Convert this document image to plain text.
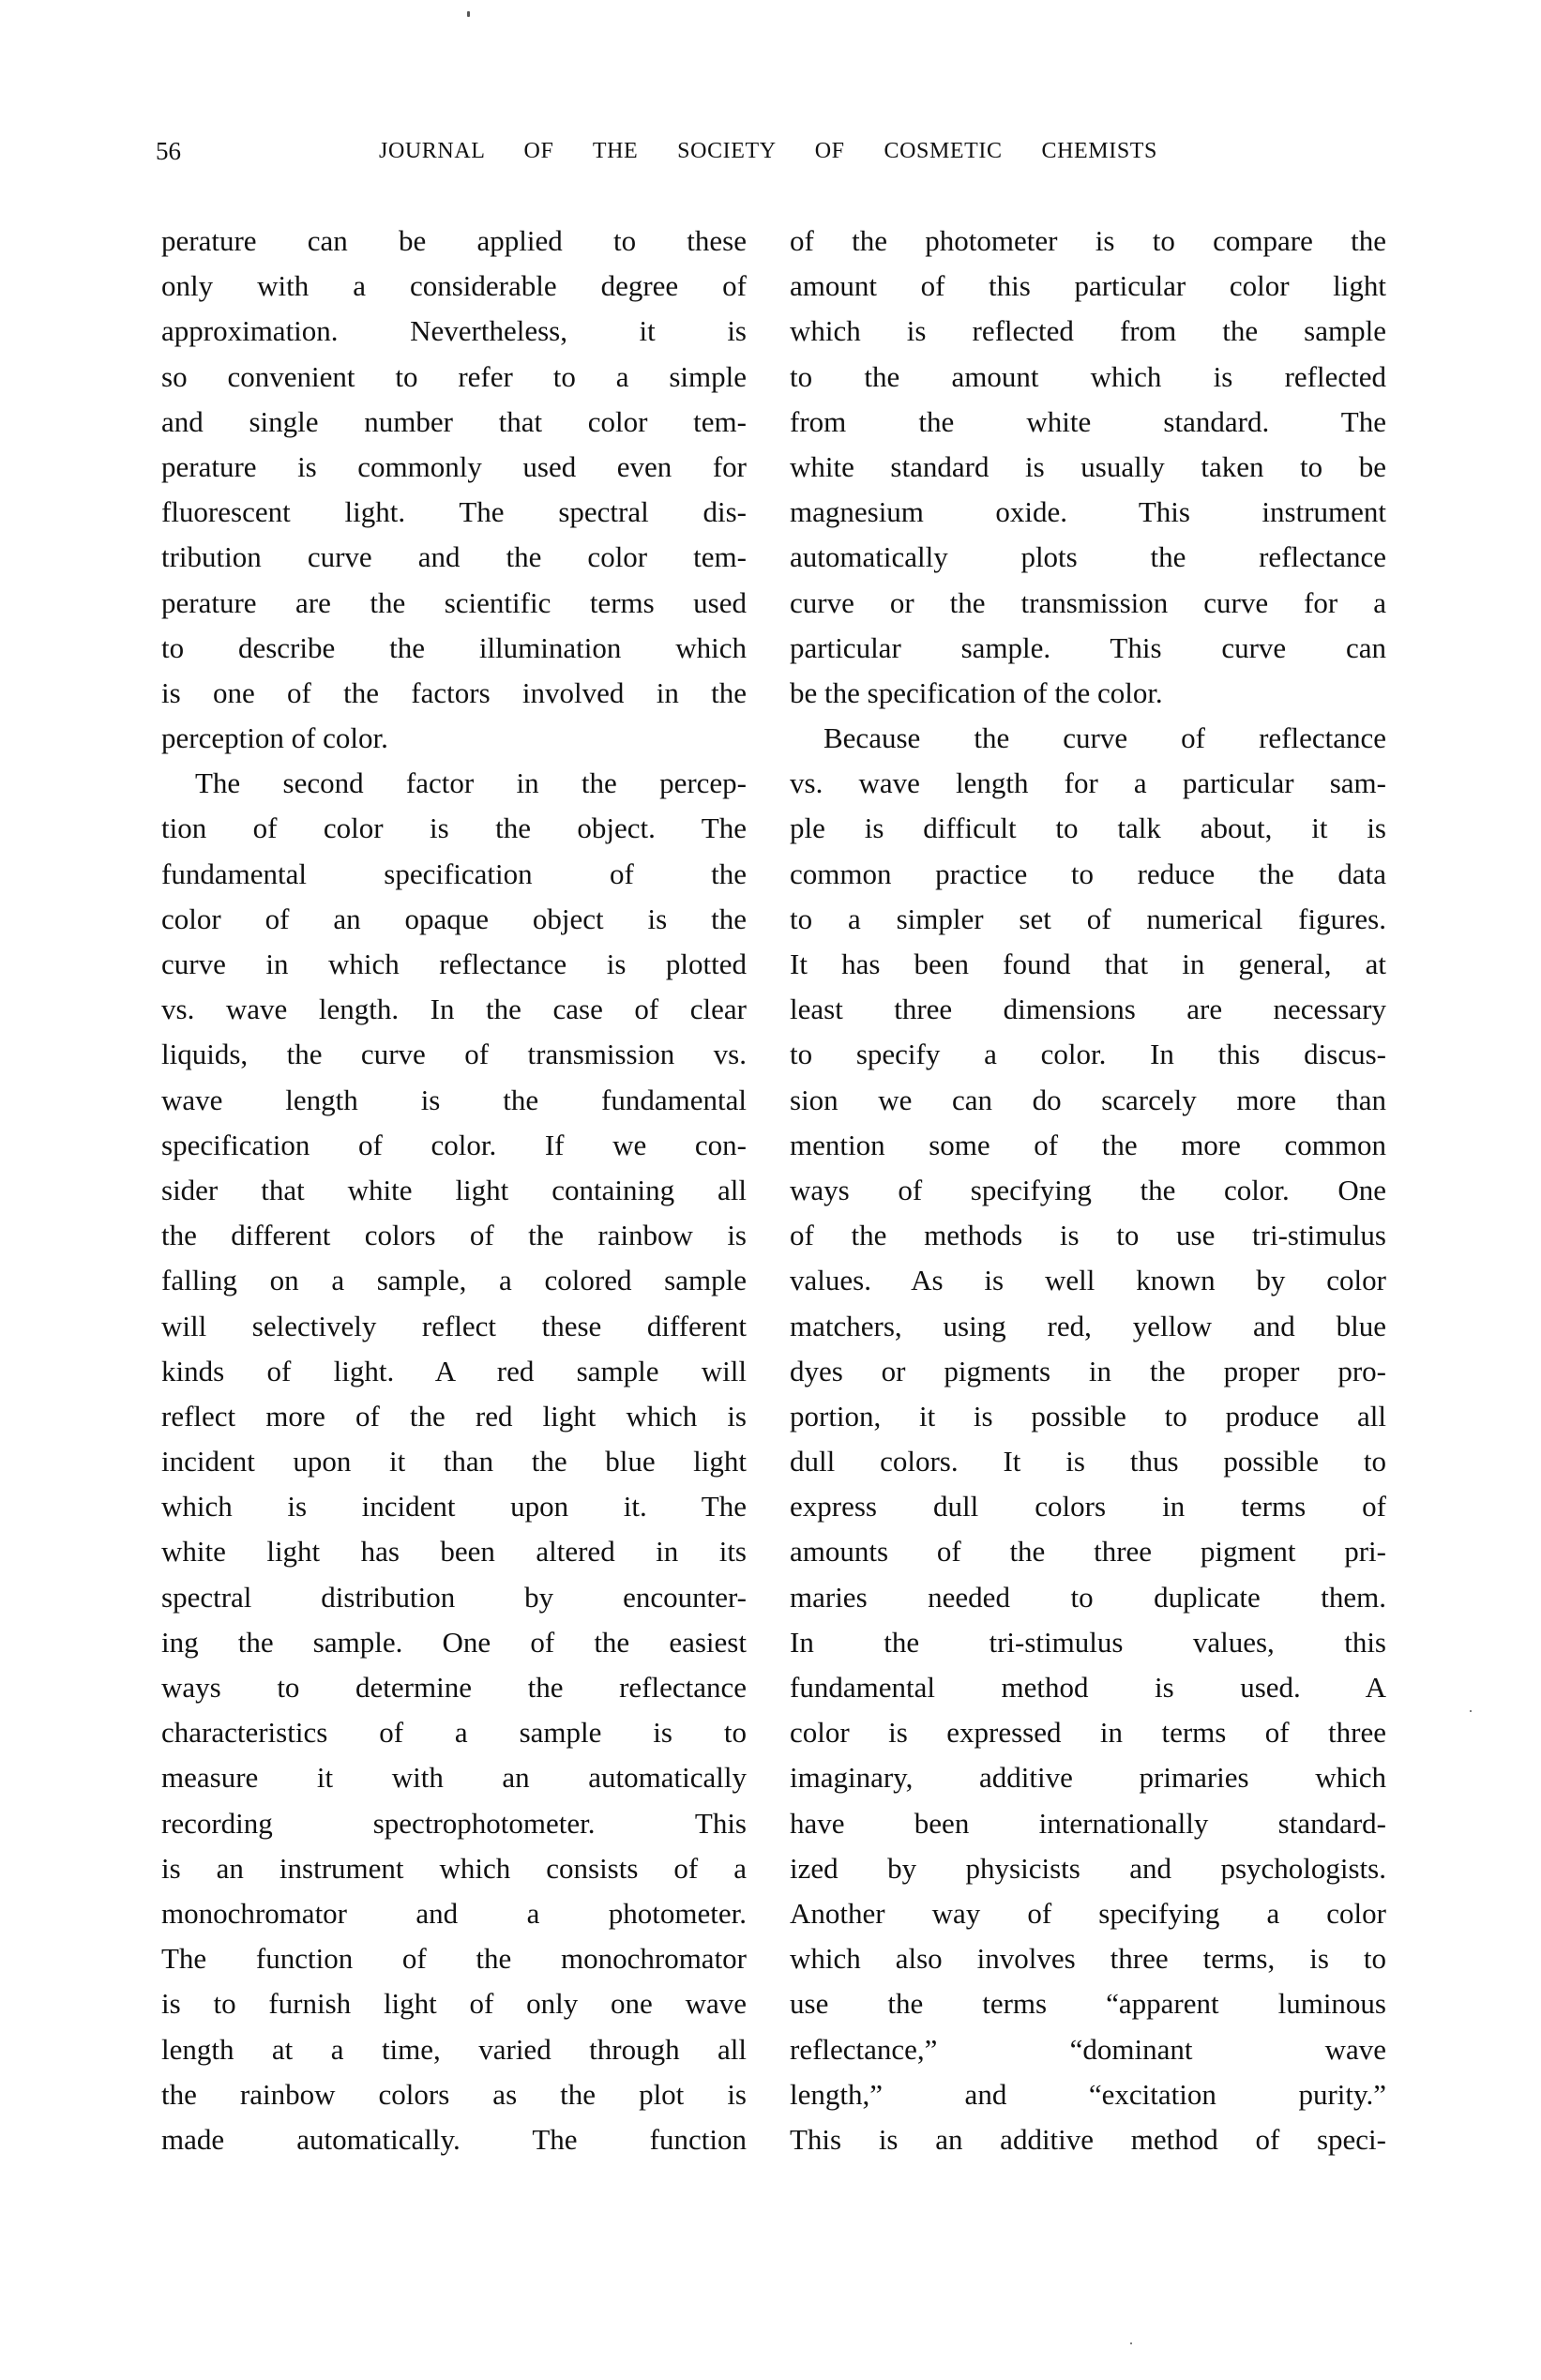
56	JOURNAL OF THE SOCIETY OF COSMETIC CHEMISTS
perature can be applied to these
only with a considerable degree of
approximation. Nevertheless, it is
so convenient to refer to a simple
and single number that color tem-
perature is commonly used even for
fluorescent light. The spectral dis-
tribution curve and the color tem-
perature are the scientific terms used
to describe the illumination which
is one of the factors involved in the
perception of color.
The second factor in the percep-
tion of color is the object. The
fundamental specification of the
color of an opaque object is the
curve in which reflectance is plotted
vs. wave length. In the case of clear
liquids, the curve of transmission vs.
wave length is the fundamental
specification of color. If we con-
sider that white light containing all
the different colors of the rainbow is
falling on a sample, a colored sample
will selectively reflect these different
kinds of light. A red sample will
reflect more of the red light which is
incident upon it than the blue light
which is incident upon it. The
white light has been altered in its
spectral distribution by encounter-
ing the sample. One of the easiest
ways to determine the reflectance
characteristics of a sample is to
measure it with an automatically
recording spectrophotometer. This
is an instrument which consists of a
monochromator and a photometer.
The function of the monochromator
is to furnish light of only one wave
length at a time, varied through all
the rainbow colors as the plot is
made automatically. The function
of the photometer is to compare the
amount of this particular color light
which is reflected from the sample
to the amount which is reflected
from the white standard. The
white standard is usually taken to be
magnesium oxide. This instrument
automatically plots the reflectance
curve or the transmission curve for a
particular sample. This curve can
be the specification of the color.
Because the curve of reflectance
vs. wave length for a particular sam-
ple is difficult to talk about, it is
common practice to reduce the data
to a simpler set of numerical figures.
It has been found that in general, at
least three dimensions are necessary
to specify a color. In this discus-
sion we can do scarcely more than
mention some of the more common
ways of specifying the color. One
of the methods is to use tri-stimulus
values. As is well known by color
matchers, using red, yellow and blue
dyes or pigments in the proper pro-
portion, it is possible to produce all
dull colors. It is thus possible to
express dull colors in terms of
amounts of the three pigment pri-
maries needed to duplicate them.
In the tri-stimulus values, this
fundamental method is used. A
color is expressed in terms of three
imaginary, additive primaries which
have been internationally standard-
ized by physicists and psychologists.
Another way of specifying a color
which also involves three terms, is to
use the terms “apparent luminous
reflectance,” “dominant wave
length,” and “excitation purity.”
This is an additive method of speci-
